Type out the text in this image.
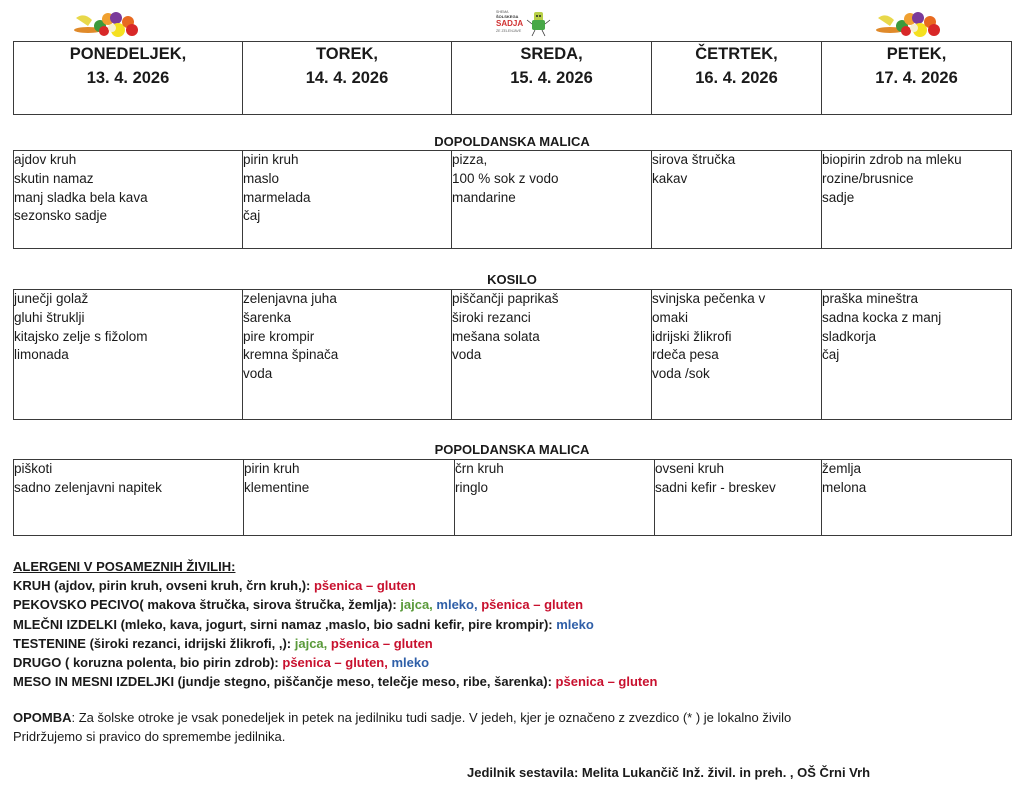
SHEMA
ŠOLSKEGA
SADJA
ZE ZELENJAVE
PONEDELJEK,
13. 4. 2026

TOREK,
14. 4. 2026

SREDA,
15. 4. 2026

ČETRTEK,
16. 4. 2026

PETEK,
17. 4. 2026
DOPOLDANSKA MALICA
ajdov kruh
skutin namaz
manj sladka bela kava
sezonsko sadje

pirin kruh
maslo
marmelada
čaj

pizza,
100 % sok z vodo
mandarine

sirova štručka
kakav

biopirin zdrob na mleku
rozine/brusnice
sadje
KOSILO
junečji golaž
gluhi štruklji
kitajsko zelje s fižolom
limonada

zelenjavna juha
šarenka
pire krompir
kremna špinača
voda

piščančji paprikaš
široki rezanci
mešana solata
voda

svinjska pečenka v
omaki
idrijski žlikrofi
rdeča pesa
voda /sok

praška mineštra
sadna kocka z manj
sladkorja
čaj
POPOLDANSKA MALICA
piškoti
sadno zelenjavni napitek

pirin kruh
klementine

črn kruh
ringlo

ovseni kruh
sadni kefir - breskev

žemlja
melona
ALERGENI V POSAMEZNIH ŽIVILIH:
KRUH (ajdov, pirin kruh, ovseni kruh, črn kruh,): pšenica – gluten
PEKOVSKO PECIVO( makova štručka, sirova štručka, žemlja): jajca, mleko, pšenica – gluten
MLEČNI IZDELKI (mleko, kava, jogurt, sirni namaz ,maslo, bio sadni kefir, pire krompir): mleko
TESTENINE (široki rezanci, idrijski žlikrofi, ,): jajca, pšenica – gluten
DRUGO ( koruzna polenta, bio pirin zdrob): pšenica – gluten, mleko
MESO IN MESNI IZDELJKI (jundje stegno, piščančje meso, telečje meso, ribe, šarenka): pšenica – gluten
OPOMBA: Za šolske otroke je vsak ponedeljek in petek na jedilniku tudi sadje. V jedeh, kjer je označeno z zvezdico (* ) je lokalno živilo
Pridržujemo si pravico do spremembe jedilnika.
Jedilnik sestavila: Melita Lukančič Inž. živil. in preh. , OŠ Črni Vrh
